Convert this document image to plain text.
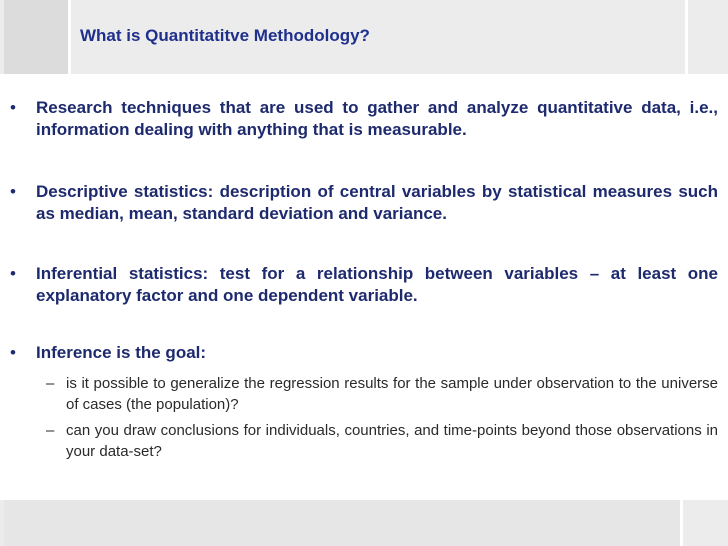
What is Quantitatitve Methodology?
• Research techniques that are used to gather and analyze quantitative data, i.e., information dealing with anything that is measurable.
• Descriptive statistics: description of central variables by statistical measures such as median, mean, standard deviation and variance.
• Inferential statistics: test for a relationship between variables – at least one explanatory factor and one dependent variable.
• Inference is the goal:
– is it possible to generalize the regression results for the sample under observation to the universe of cases (the population)?
– can you draw conclusions for individuals, countries, and time-points beyond those observations in your data-set?
